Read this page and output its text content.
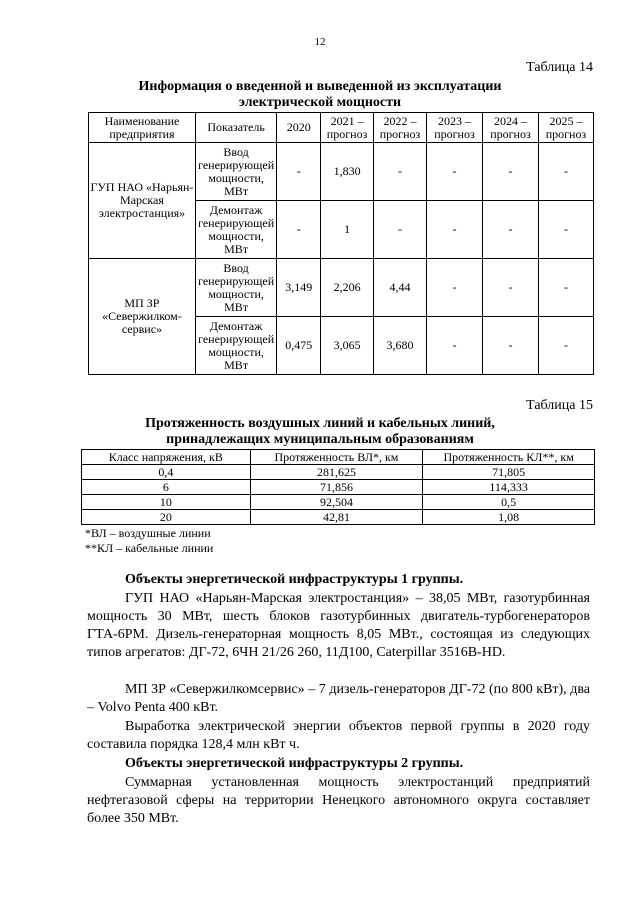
12
Таблица 14
Информация о введенной и выведенной из эксплуатации
электрической мощности
Наименование предприятия	Показатель	2020	2021 – прогноз	2022 – прогноз	2023 – прогноз	2024 – прогноз	2025 – прогноз
ГУП НАО «Нарьян-Марская электростанция»	Ввод генерирующей мощности, МВт	-	1,830	-	-	-	-
	Демонтаж генерирующей мощности, МВт	-	1	-	-	-	-
МП ЗР «Севержилком-сервис»	Ввод генерирующей мощности, МВт	3,149	2,206	4,44	-	-	-
	Демонтаж генерирующей мощности, МВт	0,475	3,065	3,680	-	-	-
Таблица 15
Протяженность воздушных линий и кабельных линий,
принадлежащих муниципальным образованиям
Класс напряжения, кВ	Протяженность ВЛ*, км	Протяженность КЛ**, км
0,4	281,625	71,805
6	71,856	114,333
10	92,504	0,5
20	42,81	1,08
*ВЛ – воздушные линии
**КЛ – кабельные линии
Объекты энергетической инфраструктуры 1 группы.
ГУП НАО «Нарьян-Марская электростанция» – 38,05 МВт, газотурбинная мощность 30 МВт, шесть блоков газотурбинных двигатель-турбогенераторов ГТА-6РМ. Дизель-генераторная мощность 8,05 МВт., состоящая из следующих типов агрегатов: ДГ-72, 6ЧН 21/26 260, 11Д100, Caterpillar 3516B-HD.
МП ЗР «Севержилкомсервис» – 7 дизель-генераторов ДГ-72 (по 800 кВт), два – Volvo Penta 400 кВт.
Выработка электрической энергии объектов первой группы в 2020 году составила порядка 128,4 млн кВт ч.
Объекты энергетической инфраструктуры 2 группы.
Суммарная установленная мощность электростанций предприятий нефтегазовой сферы на территории Ненецкого автономного округа составляет более 350 МВт.
